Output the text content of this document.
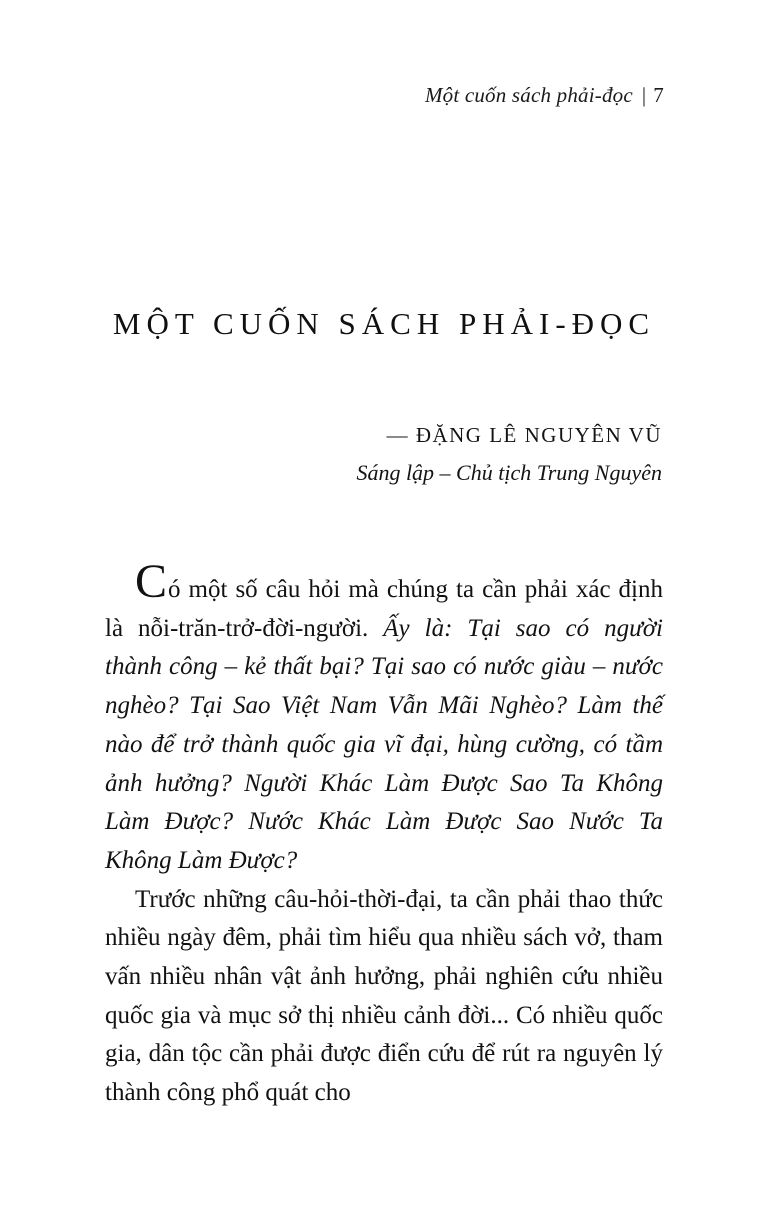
Một cuốn sách phải-đọc | 7
MỘT CUỐN SÁCH PHẢI-ĐỌC
— ĐẶNG LÊ NGUYÊN VŨ
Sáng lập – Chủ tịch Trung Nguyên

Có một số câu hỏi mà chúng ta cần phải xác định là nỗi-trăn-trở-đời-người. Ấy là: Tại sao có người thành công – kẻ thất bại? Tại sao có nước giàu – nước nghèo? Tại Sao Việt Nam Vẫn Mãi Nghèo? Làm thế nào để trở thành quốc gia vĩ đại, hùng cường, có tầm ảnh hưởng? Người Khác Làm Được Sao Ta Không Làm Được? Nước Khác Làm Được Sao Nước Ta Không Làm Được?

Trước những câu-hỏi-thời-đại, ta cần phải thao thức nhiều ngày đêm, phải tìm hiểu qua nhiều sách vở, tham vấn nhiều nhân vật ảnh hưởng, phải nghiên cứu nhiều quốc gia và mục sở thị nhiều cảnh đời... Có nhiều quốc gia, dân tộc cần phải được điển cứu để rút ra nguyên lý thành công phổ quát cho
